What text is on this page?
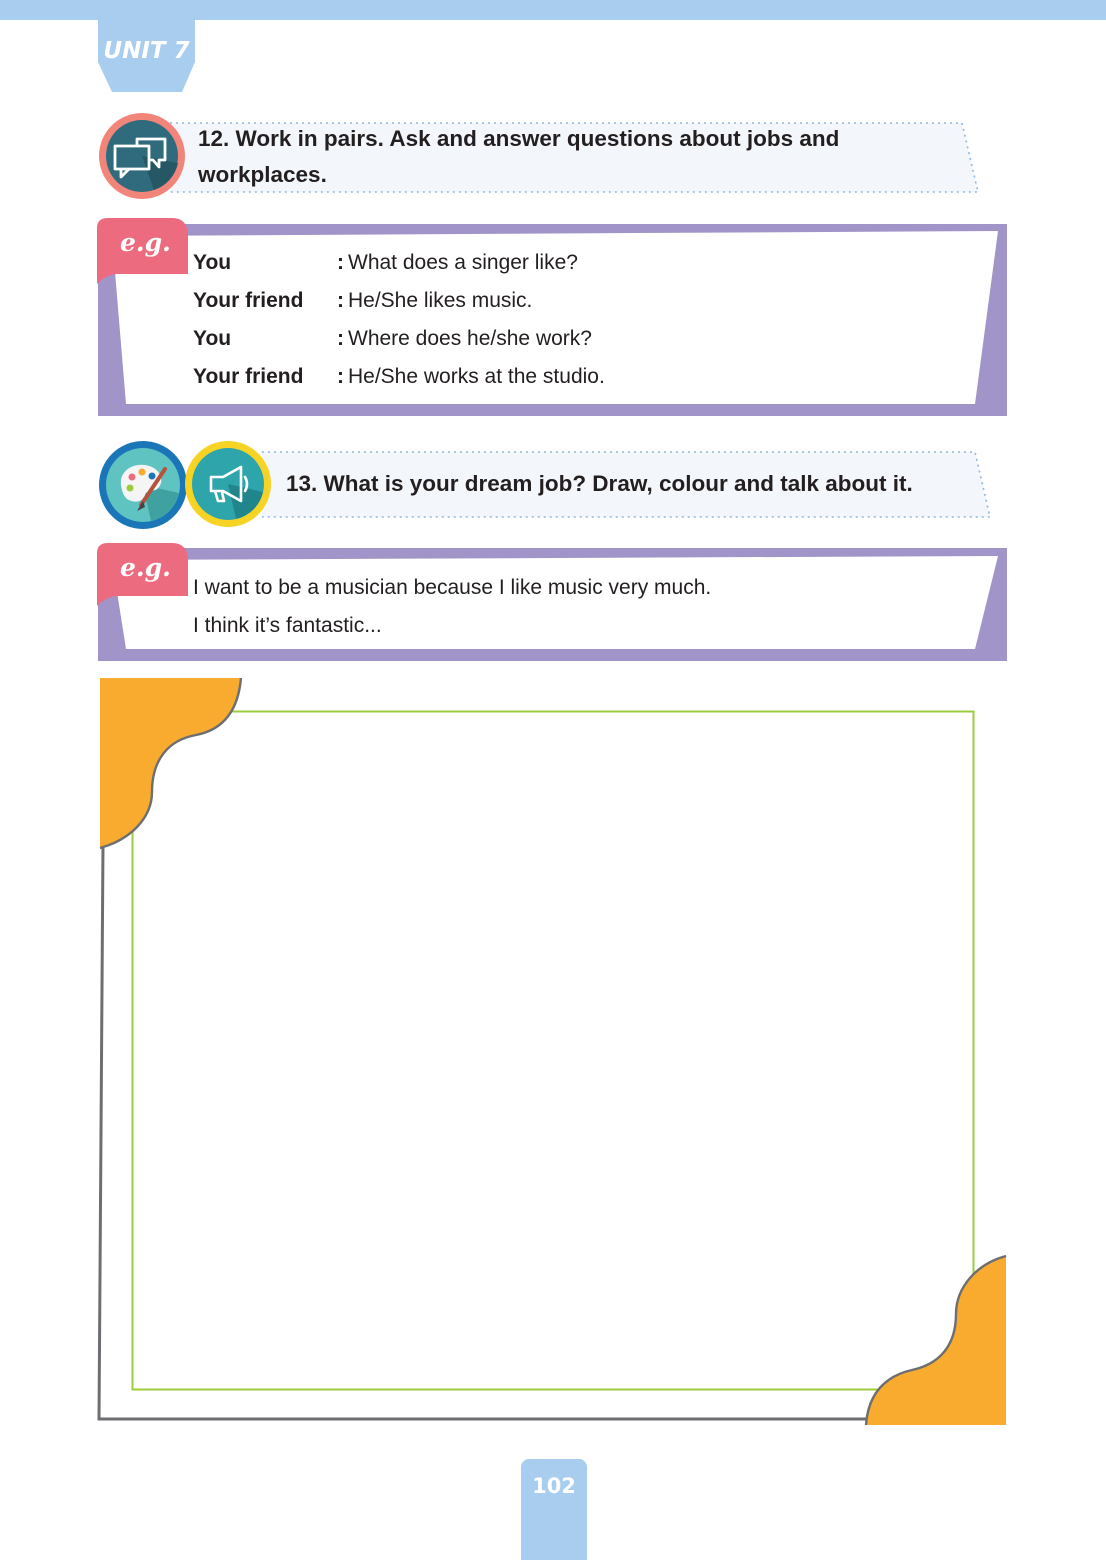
UNIT 7
12. Work in pairs. Ask and answer questions about jobs and
workplaces.
e.g.
You	: What does a singer like?
Your friend	: He/She likes music.
You	: Where does he/she work?
Your friend	: He/She works at the studio.
13. What is your dream job? Draw, colour and talk about it.
e.g.
I want to be a musician because I like music very much.
I think it’s fantastic...
102
